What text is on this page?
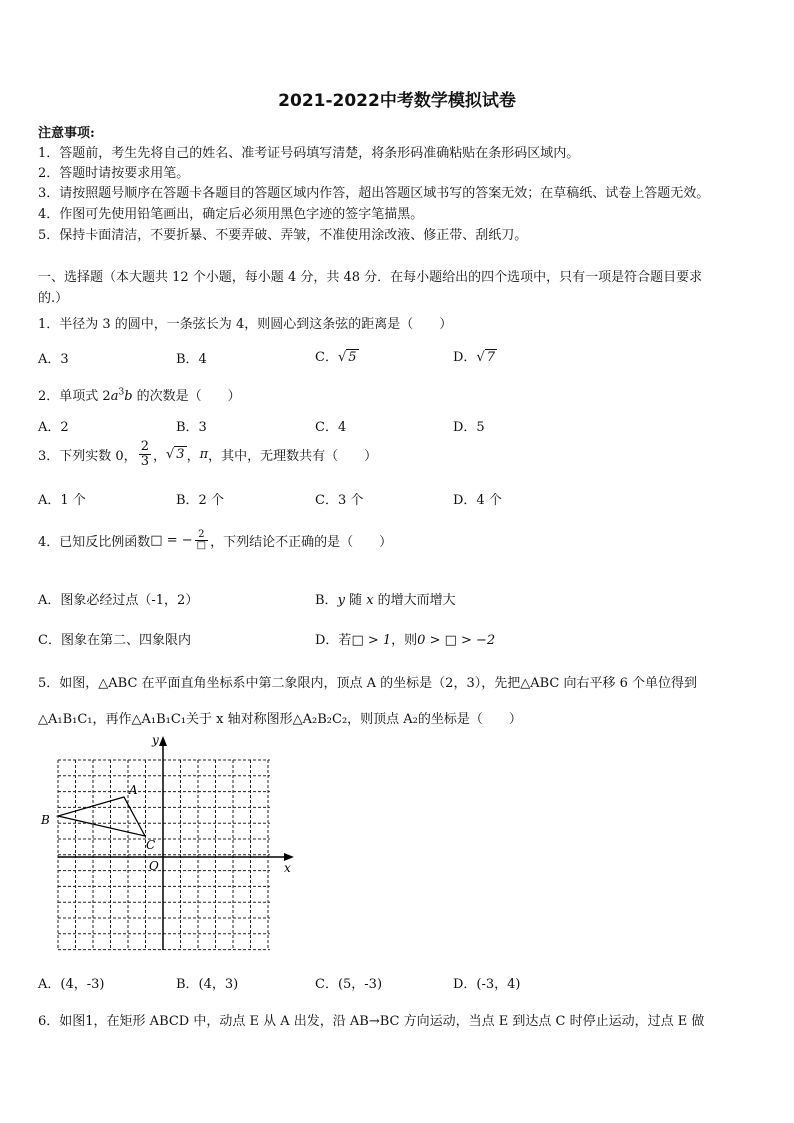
2021-2022中考数学模拟试卷
注意事项:
1．答题前，考生先将自己的姓名、准考证号码填写清楚，将条形码准确粘贴在条形码区域内。
2．答题时请按要求用笔。
3．请按照题号顺序在答题卡各题目的答题区域内作答，超出答题区域书写的答案无效；在草稿纸、试卷上答题无效。
4．作图可先使用铅笔画出，确定后必须用黑色字迹的签字笔描黑。
5．保持卡面清洁，不要折暴、不要弄破、弄皱，不准使用涂改液、修正带、刮纸刀。
一、选择题（本大题共 12 个小题，每小题 4 分，共 48 分．在每小题给出的四个选项中，只有一项是符合题目要求
的.）
1．半径为 3 的圆中，一条弦长为 4，则圆心到这条弦的距离是（　　）
A．3	B．4	C．√ 5	D．√ 7
2．单项式 $2a^3b$ 的次数是（　　）
A．2	B．3	C．4	D．5
3．下列实数 0， $\frac{2}{3}$ ，√ 3 ，π，其中，无理数共有（　　）
A．1 个	B．2 个	C．3 个	D．4 个
4．已知反比例函数□ = − $\frac{2}{□}$ ，下列结论不正确的是（　　）
A．图象必经过点（-1，2）	B．y 随 x 的增大而增大
C．图象在第二、四象限内	D．若□ > 1，则0 > □ > −2
5．如图，△ABC 在平面直角坐标系中第二象限内，顶点 A 的坐标是（2，3），先把△ABC 向右平移 6 个单位得到
△A₁B₁C₁，再作△A₁B₁C₁关于 x 轴对称图形△A₂B₂C₂，则顶点 A₂的坐标是（　　）
y
x
A
B
C
O
A．(4，-3)	B．(4，3)	C．(5，-3)	D．(-3，4)
6．如图1，在矩形 ABCD 中，动点 E 从 A 出发，沿 AB→BC 方向运动，当点 E 到达点 C 时停止运动，过点 E 做
